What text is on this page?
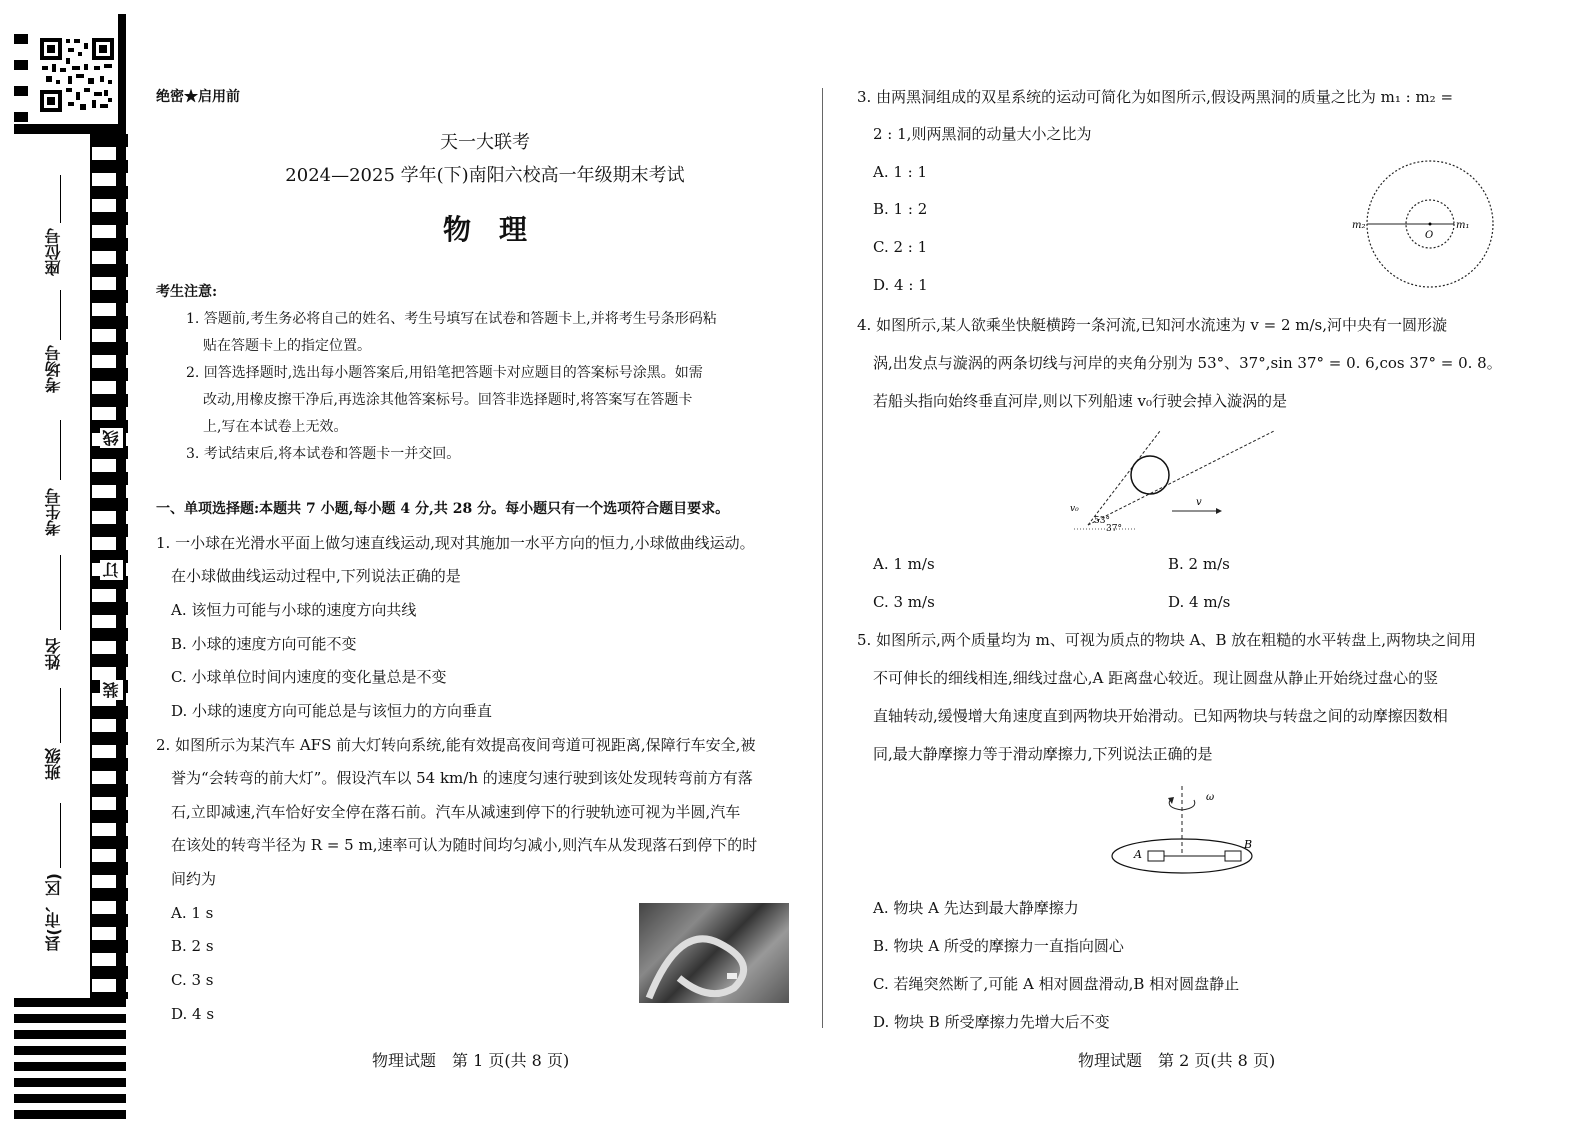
座位号
考场号
考生号
姓名
班级
县(市、区)
线
订
装
绝密★启用前
天一大联考
2024—2025 学年(下)南阳六校高一年级期末考试
物　理
考生注意:
1. 答题前,考生务必将自己的姓名、考生号填写在试卷和答题卡上,并将考生号条形码粘
贴在答题卡上的指定位置。
2. 回答选择题时,选出每小题答案后,用铅笔把答题卡对应题目的答案标号涂黑。如需
改动,用橡皮擦干净后,再选涂其他答案标号。回答非选择题时,将答案写在答题卡
上,写在本试卷上无效。
3. 考试结束后,将本试卷和答题卡一并交回。
一、单项选择题:本题共 7 小题,每小题 4 分,共 28 分。每小题只有一个选项符合题目要求。
1. 一小球在光滑水平面上做匀速直线运动,现对其施加一水平方向的恒力,小球做曲线运动。
在小球做曲线运动过程中,下列说法正确的是
A. 该恒力可能与小球的速度方向共线
B. 小球的速度方向可能不变
C. 小球单位时间内速度的变化量总是不变
D. 小球的速度方向可能总是与该恒力的方向垂直
2. 如图所示为某汽车 AFS 前大灯转向系统,能有效提高夜间弯道可视距离,保障行车安全,被
誉为“会转弯的前大灯”。假设汽车以 54 km/h 的速度匀速行驶到该处发现转弯前方有落
石,立即减速,汽车恰好安全停在落石前。汽车从减速到停下的行驶轨迹可视为半圆,汽车
在该处的转弯半径为 R = 5 m,速率可认为随时间均匀减小,则汽车从发现落石到停下的时
间约为
A. 1 s
B. 2 s
C. 3 s
D. 4 s
物理试题　第 1 页(共 8 页)
3. 由两黑洞组成的双星系统的运动可简化为如图所示,假设两黑洞的质量之比为 m₁ : m₂ =
2 : 1,则两黑洞的动量大小之比为
A. 1 : 1
B. 1 : 2
C. 2 : 1
D. 4 : 1
m₂	m₁
O
4. 如图所示,某人欲乘坐快艇横跨一条河流,已知河水流速为 v = 2 m/s,河中央有一圆形漩
涡,出发点与漩涡的两条切线与河岸的夹角分别为 53°、37°,sin 37° = 0. 6,cos 37° = 0. 8。
若船头指向始终垂直河岸,则以下列船速 v₀行驶会掉入漩涡的是
v
v₀
53°
37°
A. 1 m/s	B. 2 m/s
C. 3 m/s	D. 4 m/s
5. 如图所示,两个质量均为 m、可视为质点的物块 A、B 放在粗糙的水平转盘上,两物块之间用
不可伸长的细线相连,细线过盘心,A 距离盘心较近。现让圆盘从静止开始绕过盘心的竖
直轴转动,缓慢增大角速度直到两物块开始滑动。已知两物块与转盘之间的动摩擦因数相
同,最大静摩擦力等于滑动摩擦力,下列说法正确的是
ω
A
B
A. 物块 A 先达到最大静摩擦力
B. 物块 A 所受的摩擦力一直指向圆心
C. 若绳突然断了,可能 A 相对圆盘滑动,B 相对圆盘静止
D. 物块 B 所受摩擦力先增大后不变
物理试题　第 2 页(共 8 页)
